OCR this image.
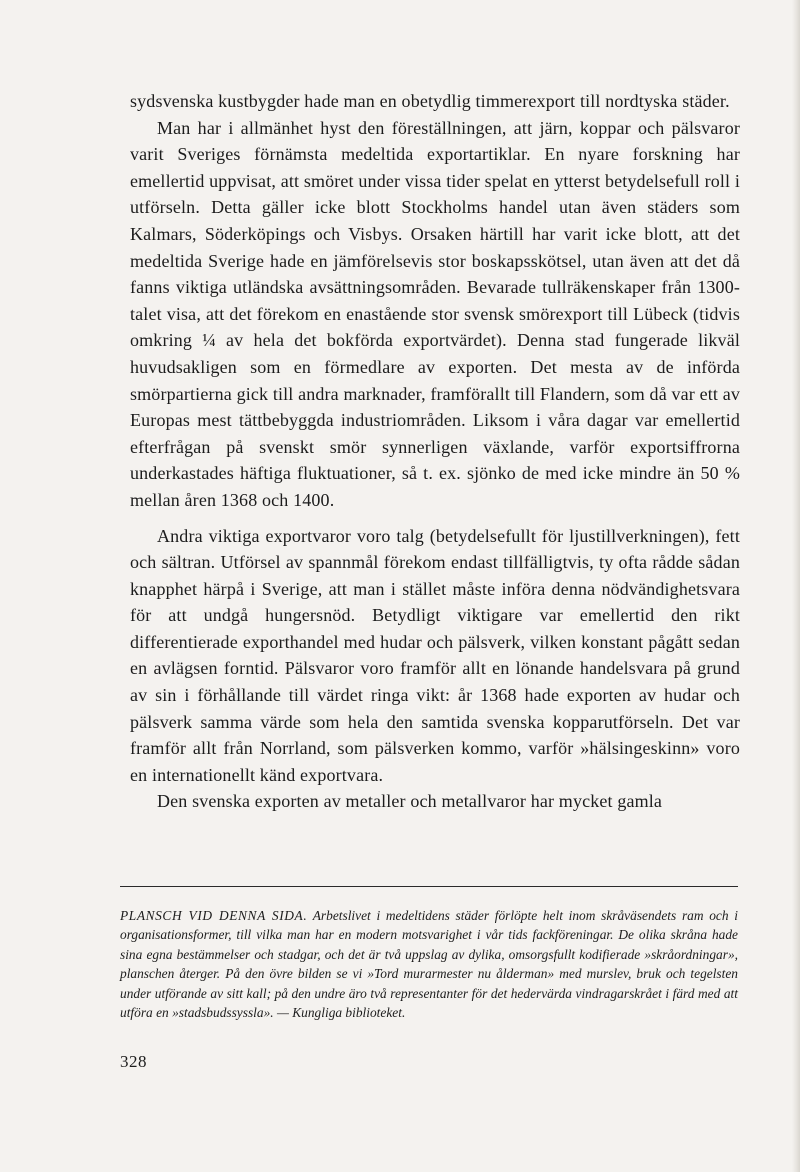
sydsvenska kustbygder hade man en obetydlig timmerexport till nordtyska städer.

Man har i allmänhet hyst den föreställningen, att järn, koppar och pälsvaror varit Sveriges förnämsta medeltida exportartiklar. En nyare forskning har emellertid uppvisat, att smöret under vissa tider spelat en ytterst betydelsefull roll i utförseln. Detta gäller icke blott Stockholms handel utan även städers som Kalmars, Söderköpings och Visbys. Orsaken härtill har varit icke blott, att det medeltida Sverige hade en jämförelsevis stor boskapsskötsel, utan även att det då fanns viktiga utländska avsättningsområden. Bevarade tullräkenskaper från 1300-talet visa, att det förekom en enastående stor svensk smörexport till Lübeck (tidvis omkring ¼ av hela det bokförda exportvärdet). Denna stad fungerade likväl huvudsakligen som en förmedlare av exporten. Det mesta av de införda smörpartierna gick till andra marknader, framförallt till Flandern, som då var ett av Europas mest tättbebyggda industriområden. Liksom i våra dagar var emellertid efterfrågan på svenskt smör synnerligen växlande, varför exportsiffrorna underkastades häftiga fluktuationer, så t. ex. sjönko de med icke mindre än 50 % mellan åren 1368 och 1400.

Andra viktiga exportvaror voro talg (betydelsefullt för ljustillverkningen), fett och sältran. Utförsel av spannmål förekom endast tillfälligtvis, ty ofta rådde sådan knapphet härpå i Sverige, att man i stället måste införa denna nödvändighetsvara för att undgå hungersnöd. Betydligt viktigare var emellertid den rikt differentierade exporthandel med hudar och pälsverk, vilken konstant pågått sedan en avlägsen forntid. Pälsvaror voro framför allt en lönande handelsvara på grund av sin i förhållande till värdet ringa vikt: år 1368 hade exporten av hudar och pälsverk samma värde som hela den samtida svenska kopparutförseln. Det var framför allt från Norrland, som pälsverken kommo, varför »hälsingeskinn» voro en internationellt känd exportvara.

Den svenska exporten av metaller och metallvaror har mycket gamla

PLANSCH VID DENNA SIDA. Arbetslivet i medeltidens städer förlöpte helt inom skråväsendets ram och i organisationsformer, till vilka man har en modern motsvarighet i vår tids fackföreningar. De olika skråna hade sina egna bestämmelser och stadgar, och det är två uppslag av dylika, omsorgsfullt kodifierade »skråordningar», planschen återger. På den övre bilden se vi »Tord murarmester nu ålderman» med murslev, bruk och tegelsten under utförande av sitt kall; på den undre äro två representanter för det hedervärda vindragarskrået i färd med att utföra en »stadsbudssyssla». — Kungliga biblioteket.
328
